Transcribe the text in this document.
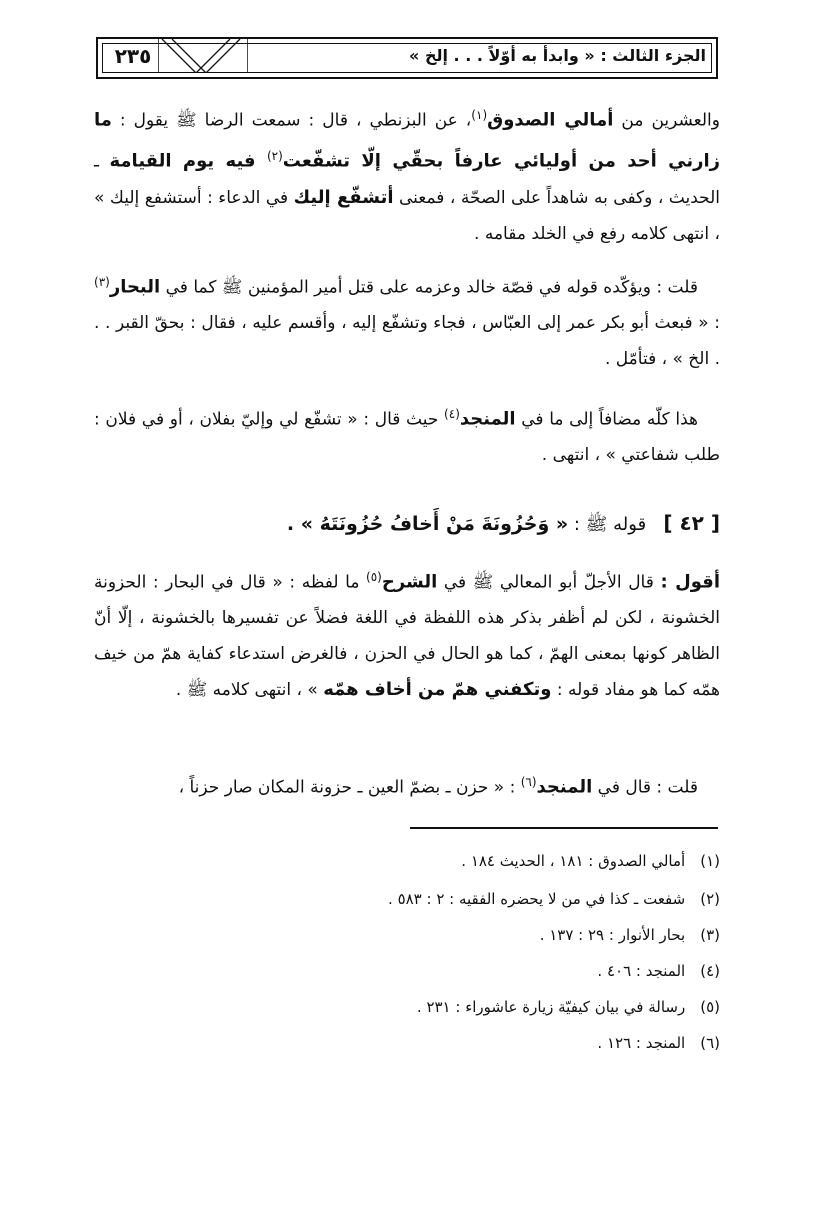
٢٣٥	الجزء الثالث : « وابدأ به أوّلاً . . . إلخ »
والعشرين من أمالي الصدوق$^{(١)}$، عن البزنطي ، قال : سمعت الرضا ﷺ يقول : ما زارني أحد من أوليائي عارفاً بحقّي إلّا تشفّعت$^{(٢)}$ فيه يوم القيامة ـ الحديث ، وكفى به شاهداً على الصحّة ، فمعنى أتشفّع إليك في الدعاء : أستشفع إليك » ، انتهى كلامه رفع في الخلد مقامه .
قلت : ويؤكّده قوله في قصّة خالد وعزمه على قتل أمير المؤمنين ﷺ كما في البحار$^{(٣)}$ : « فبعث أبو بكر عمر إلى العبّاس ، فجاء وتشفّع إليه ، وأقسم عليه ، فقال : بحقّ القبر . . . الخ » ، فتأمّل .
هذا كلّه مضافاً إلى ما في المنجد$^{(٤)}$ حيث قال : « تشفّع لي وإليّ بفلان ، أو في فلان : طلب شفاعتي » ، انتهى .
[ ٤٢ ]   قوله ﷺ : « وَحُزُونَةَ مَنْ أَخافُ حُزُونَتَهُ » .
أقول : قال الأجلّ أبو المعالي ﷺ في الشرح$^{(٥)}$ ما لفظه : « قال في البحار : الحزونة الخشونة ، لكن لم أظفر بذكر هذه اللفظة في اللغة فضلاً عن تفسيرها بالخشونة ، إلّا أنّ الظاهر كونها بمعنى الهمّ ، كما هو الحال في الحزن ، فالغرض استدعاء كفاية همّ من خيف همّه كما هو مفاد قوله : وتكفني همّ من أخاف همّه » ، انتهى كلامه ﷺ .
قلت : قال في المنجد$^{(٦)}$ : « حزن ـ بضمّ العين ـ حزونة المكان صار حزناً ،
(١) أمالي الصدوق : ١٨١ ، الحديث ١٨٤ .
(٢) شفعت ـ كذا في من لا يحضره الفقيه : ٢ : ٥٨٣ .
(٣) بحار الأنوار : ٢٩ : ١٣٧ .
(٤) المنجد : ٤٠٦ .
(٥) رسالة في بيان كيفيّة زيارة عاشوراء : ٢٣١ .
(٦) المنجد : ١٢٦ .
